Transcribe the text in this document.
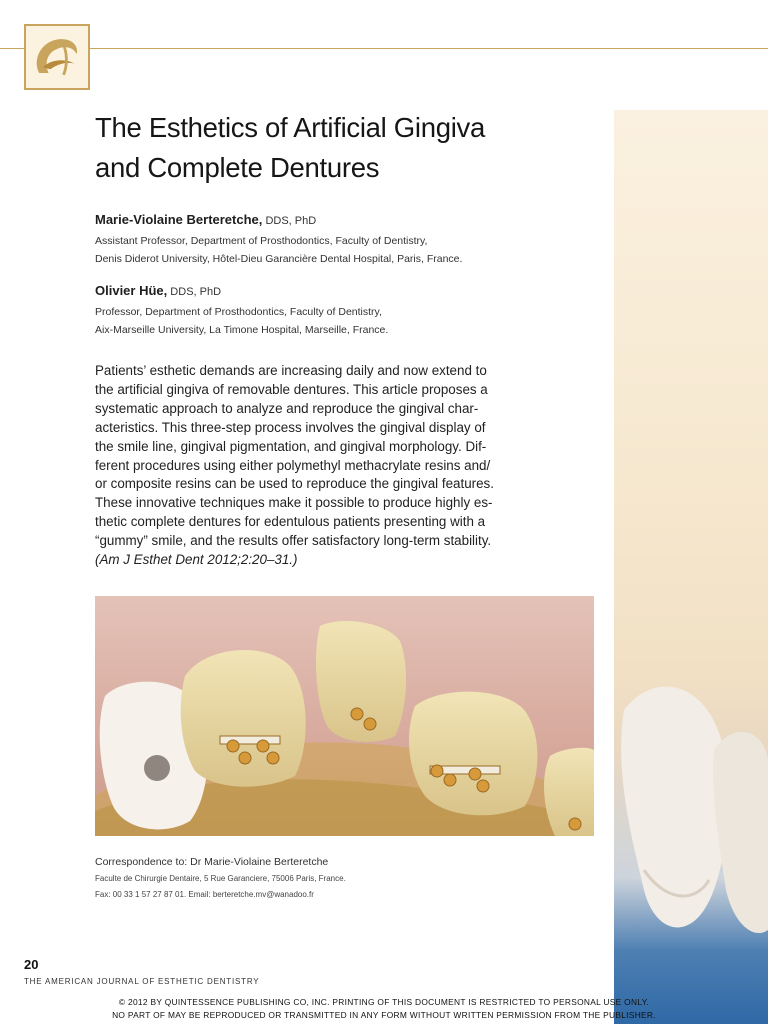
The Esthetics of Artificial Gingiva
and Complete Dentures
Marie-Violaine Berteretche, DDS, PhD
Assistant Professor, Department of Prosthodontics, Faculty of Dentistry,
Denis Diderot University, Hôtel-Dieu Garancière Dental Hospital, Paris, France.
Olivier Hüe, DDS, PhD
Professor, Department of Prosthodontics, Faculty of Dentistry,
Aix-Marseille University, La Timone Hospital, Marseille, France.

Patients’ esthetic demands are increasing daily and now extend to
the artificial gingiva of removable dentures. This article proposes a
systematic approach to analyze and reproduce the gingival char-
acteristics. This three-step process involves the gingival display of
the smile line, gingival pigmentation, and gingival morphology. Dif-
ferent procedures using either polymethyl methacrylate resins and/
or composite resins can be used to reproduce the gingival features.
These innovative techniques make it possible to produce highly es-
thetic complete dentures for edentulous patients presenting with a
“gummy” smile, and the results offer satisfactory long-term stability.
(Am J Esthet Dent 2012;2:20–31.)

Correspondence to: Dr Marie-Violaine Berteretche
Faculte de Chirurgie Dentaire, 5 Rue Garanciere, 75006 Paris, France.
Fax: 00 33 1 57 27 87 01. Email: berteretche.mv@wanadoo.fr
20
THE AMERICAN JOURNAL OF ESTHETIC DENTISTRY
© 2012 BY QUINTESSENCE PUBLISHING CO, INC. PRINTING OF THIS DOCUMENT IS RESTRICTED TO PERSONAL USE ONLY.
NO PART OF MAY BE REPRODUCED OR TRANSMITTED IN ANY FORM WITHOUT WRITTEN PERMISSION FROM THE PUBLISHER.
